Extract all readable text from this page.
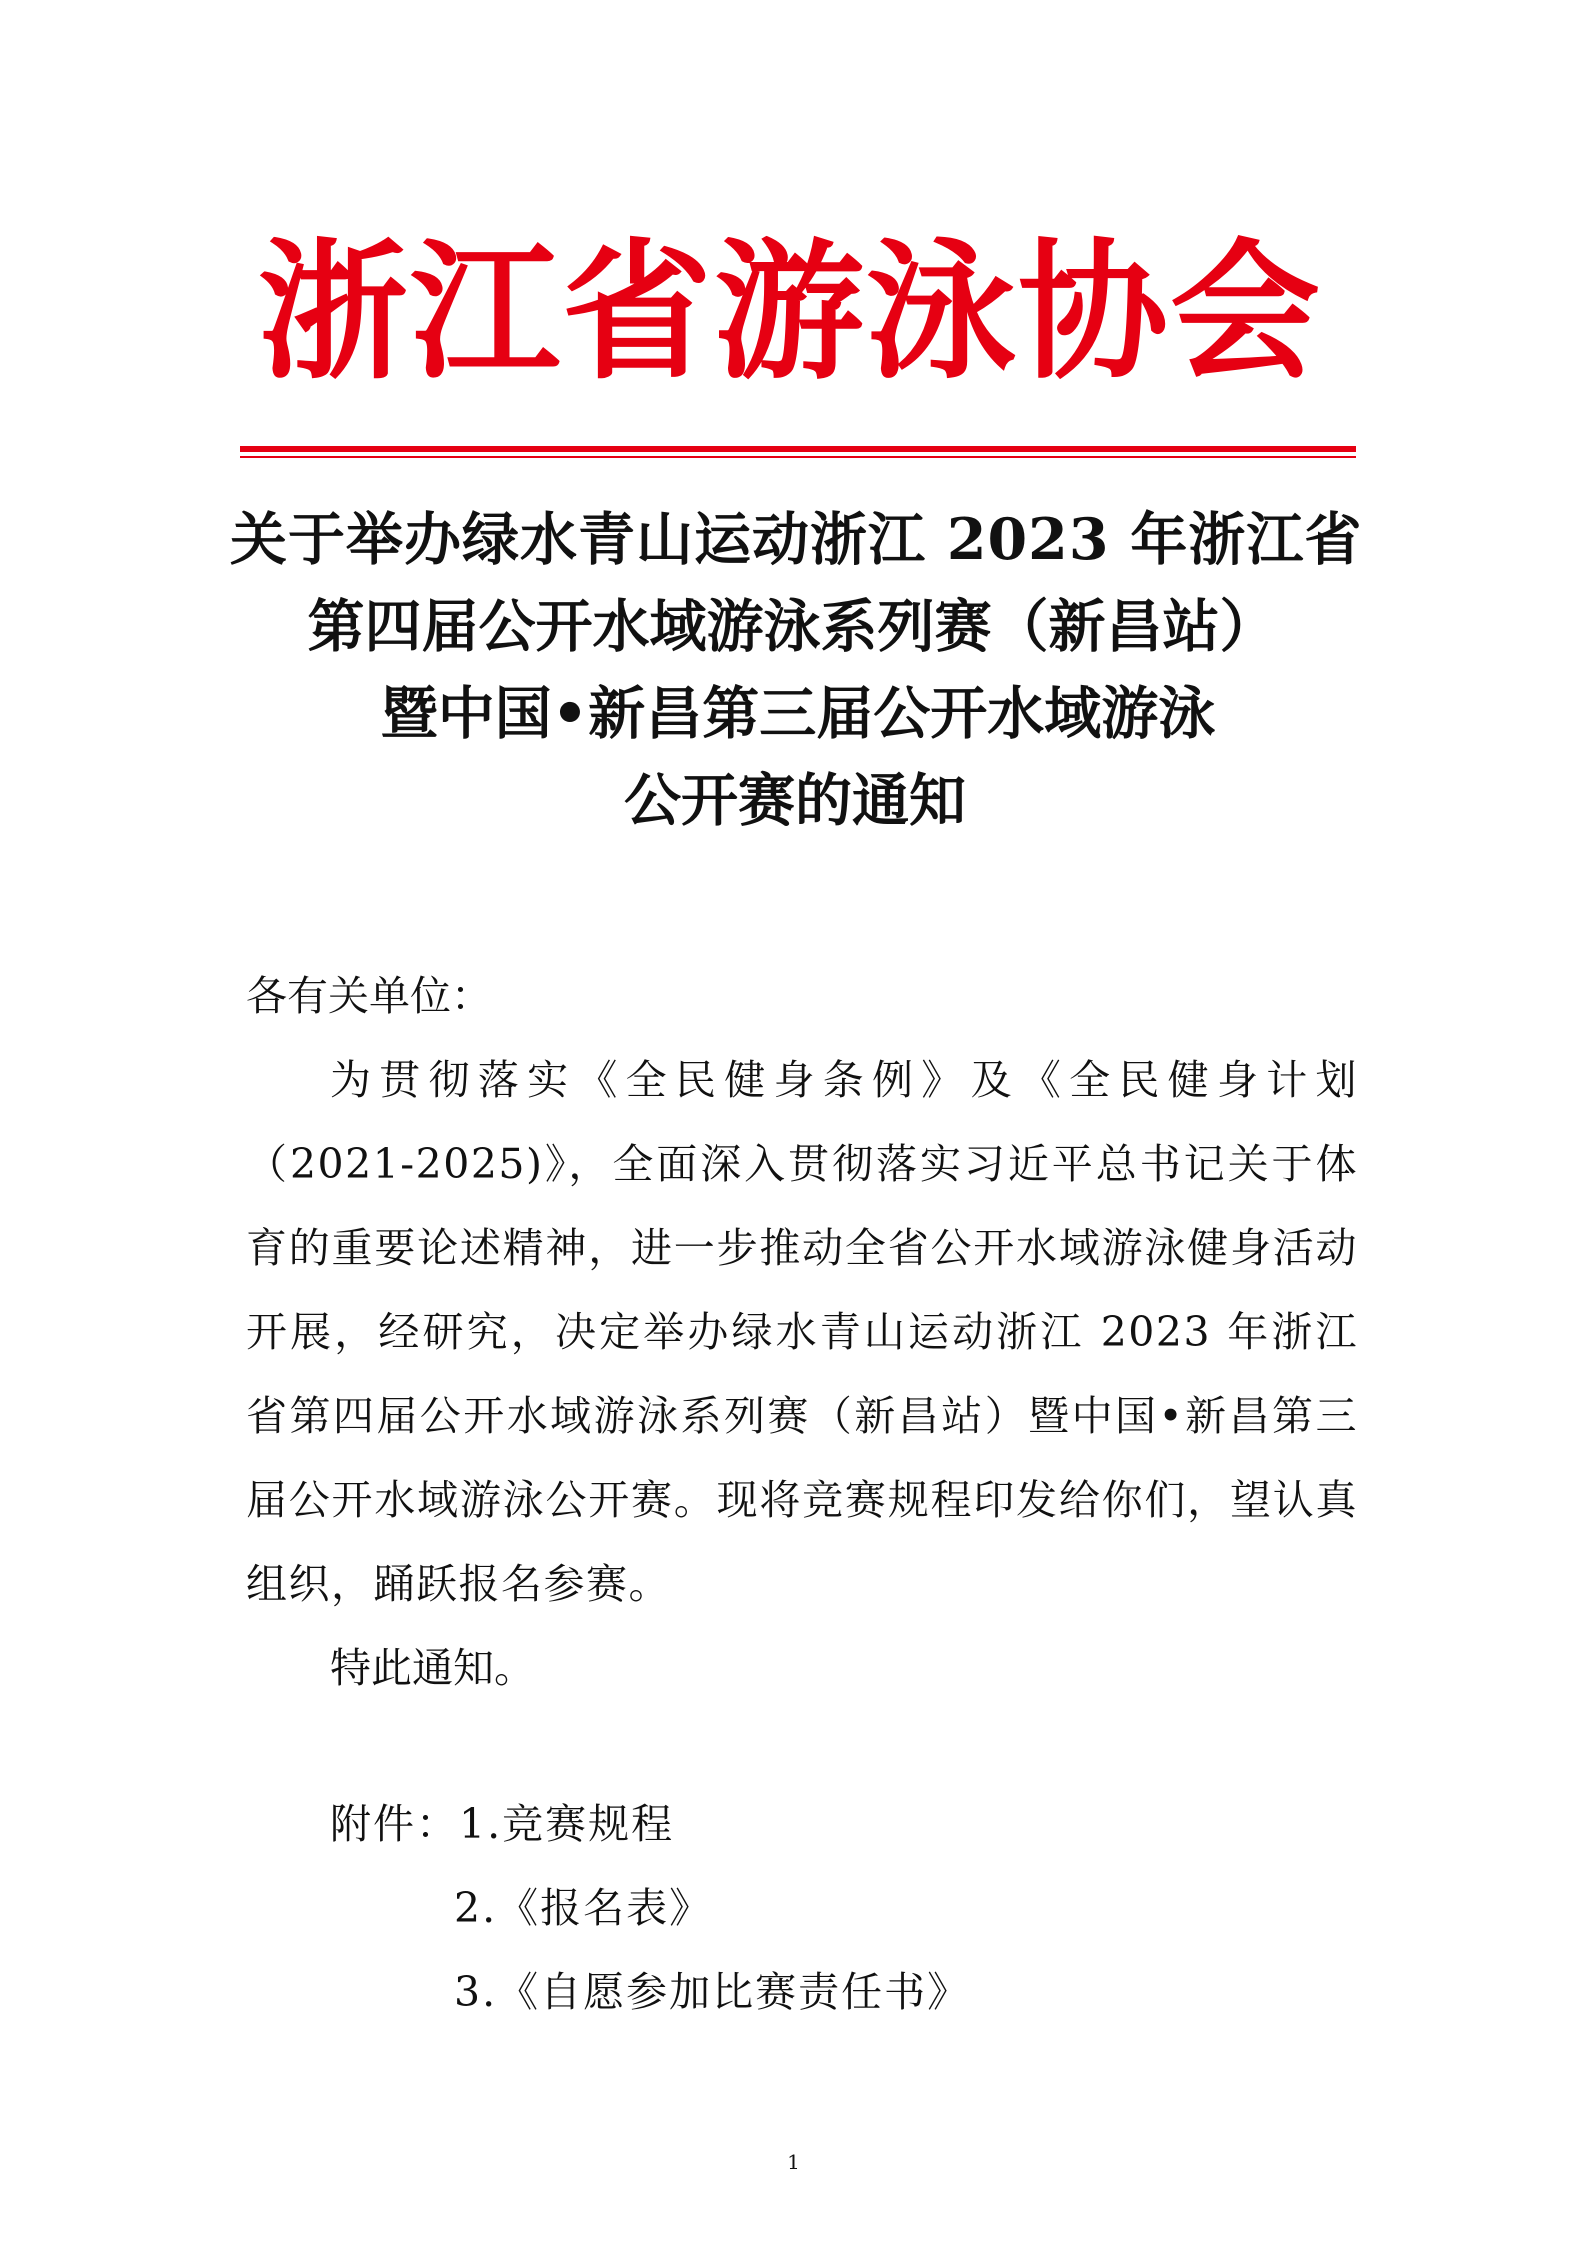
浙江省游泳协会
关于举办绿水青山运动浙江 2023 年浙江省
第四届公开水域游泳系列赛（新昌站）
暨中国•新昌第三届公开水域游泳
公开赛的通知
各有关单位：
为贯彻落实《全民健身条例》及《全民健身计划（2021-2025)》，全面深入贯彻落实习近平总书记关于体育的重要论述精神，进一步推动全省公开水域游泳健身活动开展，经研究，决定举办绿水青山运动浙江 2023 年浙江省第四届公开水域游泳系列赛（新昌站）暨中国•新昌第三届公开水域游泳公开赛。现将竞赛规程印发给你们，望认真组织，踊跃报名参赛。
特此通知。
附件：1.竞赛规程
2.《报名表》
3.《自愿参加比赛责任书》
1
